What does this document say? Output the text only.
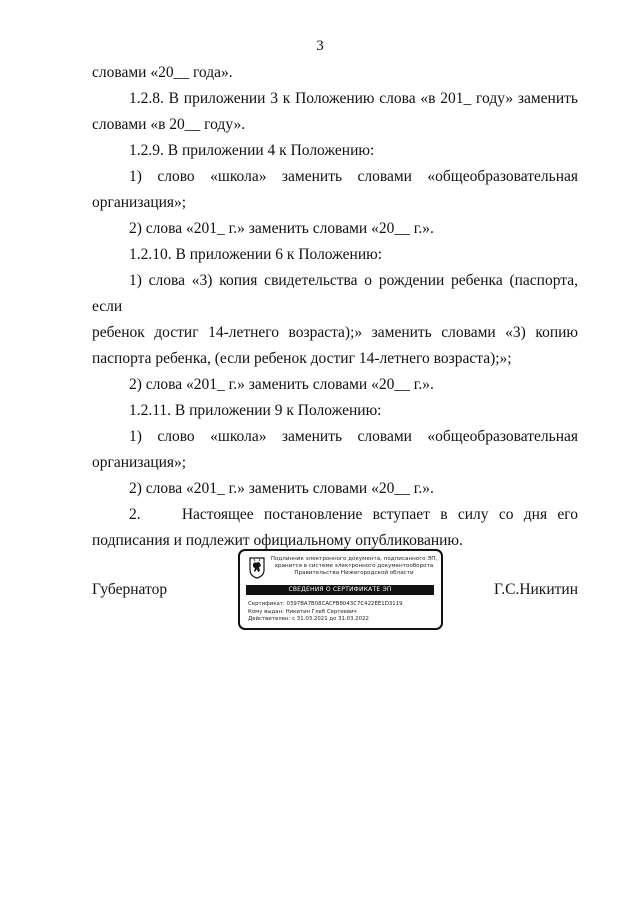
3

словами «20__ года».

1.2.8. В приложении 3 к Положению слова «в 201_ году» заменить
словами «в 20__ году».

1.2.9. В приложении 4 к Положению:

1) слово «школа» заменить словами «общеобразовательная
организация»;

2) слова «201_ г.» заменить словами «20__ г.».

1.2.10. В приложении 6 к Положению:

1) слова «3) копия свидетельства о рождении ребенка (паспорта, если
ребенок достиг 14-летнего возраста);» заменить словами «3) копию
паспорта ребенка, (если ребенок достиг 14-летнего возраста);»;

2) слова «201_ г.» заменить словами «20__ г.».

1.2.11. В приложении 9 к Положению:

1) слово «школа» заменить словами «общеобразовательная
организация»;

2) слова «201_ г.» заменить словами «20__ г.».

2.    Настоящее постановление вступает в силу со дня его
подписания и подлежит официальному опубликованию.

Губернатор	Г.С.Никитин
Подлинник электронного документа, подписанного ЭП,
хранится в системе электронного документооборота
Правительства Нижегородской области
СВЕДЕНИЯ О СЕРТИФИКАТЕ ЭП
Сертификат: 0397BA7B08CACFB8043C7C422EE1D3119
Кому выдан: Никитин Глеб Сергеевич
Действителен: с 31.03.2021 до 31.03.2022
